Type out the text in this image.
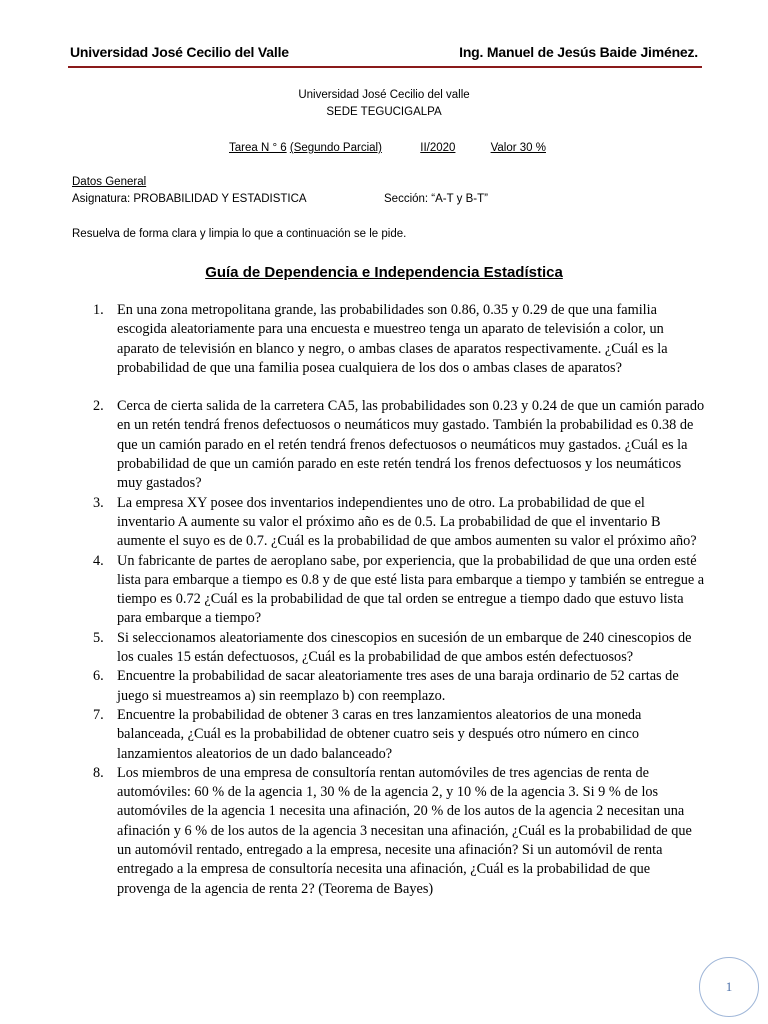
Universidad José Cecilio del Valle	Ing. Manuel de Jesús Baide Jiménez.
Universidad José Cecilio del valle
SEDE TEGUCIGALPA
Tarea N ° 6
(Segundo Parcial)
	II/2020
	Valor 30 %
Datos General
Asignatura: PROBABILIDAD Y ESTADISTICA	Sección: “A-T y B-T”
Resuelva de forma clara y limpia lo que a continuación se le pide.
Guía de Dependencia e Independencia Estadística
1. En una zona metropolitana grande, las probabilidades son 0.86, 0.35 y 0.29 de que una familia escogida aleatoriamente para una encuesta e muestreo tenga un aparato de televisión a color, un aparato de televisión en blanco y negro, o ambas clases de aparatos respectivamente. ¿Cuál es la probabilidad de que una familia posea cualquiera de los dos o ambas clases de aparatos?
2. Cerca de cierta salida de la carretera CA5, las probabilidades son 0.23 y 0.24 de que un camión parado en un retén tendrá frenos defectuosos o neumáticos muy gastado. También la probabilidad es 0.38 de que un camión parado en el retén tendrá frenos defectuosos o neumáticos muy gastados. ¿Cuál es la probabilidad de que un camión parado en este retén tendrá los frenos defectuosos y los neumáticos muy gastados?
3. La empresa XY posee dos inventarios independientes uno de otro. La probabilidad de que el inventario A aumente su valor el próximo año es de 0.5. La probabilidad de que el inventario B aumente el suyo es de 0.7. ¿Cuál es la probabilidad de que ambos aumenten su valor el próximo año?
4. Un fabricante de partes de aeroplano sabe, por experiencia, que la probabilidad de que una orden esté lista para embarque a tiempo es 0.8 y de que esté lista para embarque a tiempo y también se entregue a tiempo es 0.72 ¿Cuál es la probabilidad de que tal orden se entregue a tiempo dado que estuvo lista para embarque a tiempo?
5. Si seleccionamos aleatoriamente dos cinescopios en sucesión de un embarque de 240 cinescopios de los cuales 15 están defectuosos, ¿Cuál es la probabilidad de que ambos estén defectuosos?
6. Encuentre la probabilidad de sacar aleatoriamente tres ases de una baraja ordinario de 52 cartas de juego si muestreamos a) sin reemplazo b) con reemplazo.
7. Encuentre la probabilidad de obtener 3 caras en tres lanzamientos aleatorios de una moneda balanceada, ¿Cuál es la probabilidad de obtener cuatro seis y después otro número en cinco lanzamientos aleatorios de un dado balanceado?
8. Los miembros de una empresa de consultoría rentan automóviles de tres agencias de renta de automóviles: 60 % de la agencia 1, 30 % de la agencia 2, y 10 % de la agencia 3. Si 9 % de los automóviles de la agencia 1 necesita una afinación, 20 % de los autos de la agencia 2 necesitan una afinación y 6 % de los autos de la agencia 3 necesitan una afinación, ¿Cuál es la probabilidad de que un automóvil rentado, entregado a la empresa, necesite una afinación? Si un automóvil de renta entregado a la empresa de consultoría necesita una afinación, ¿Cuál es la probabilidad de que provenga de la agencia de renta 2? (Teorema de Bayes)
1
